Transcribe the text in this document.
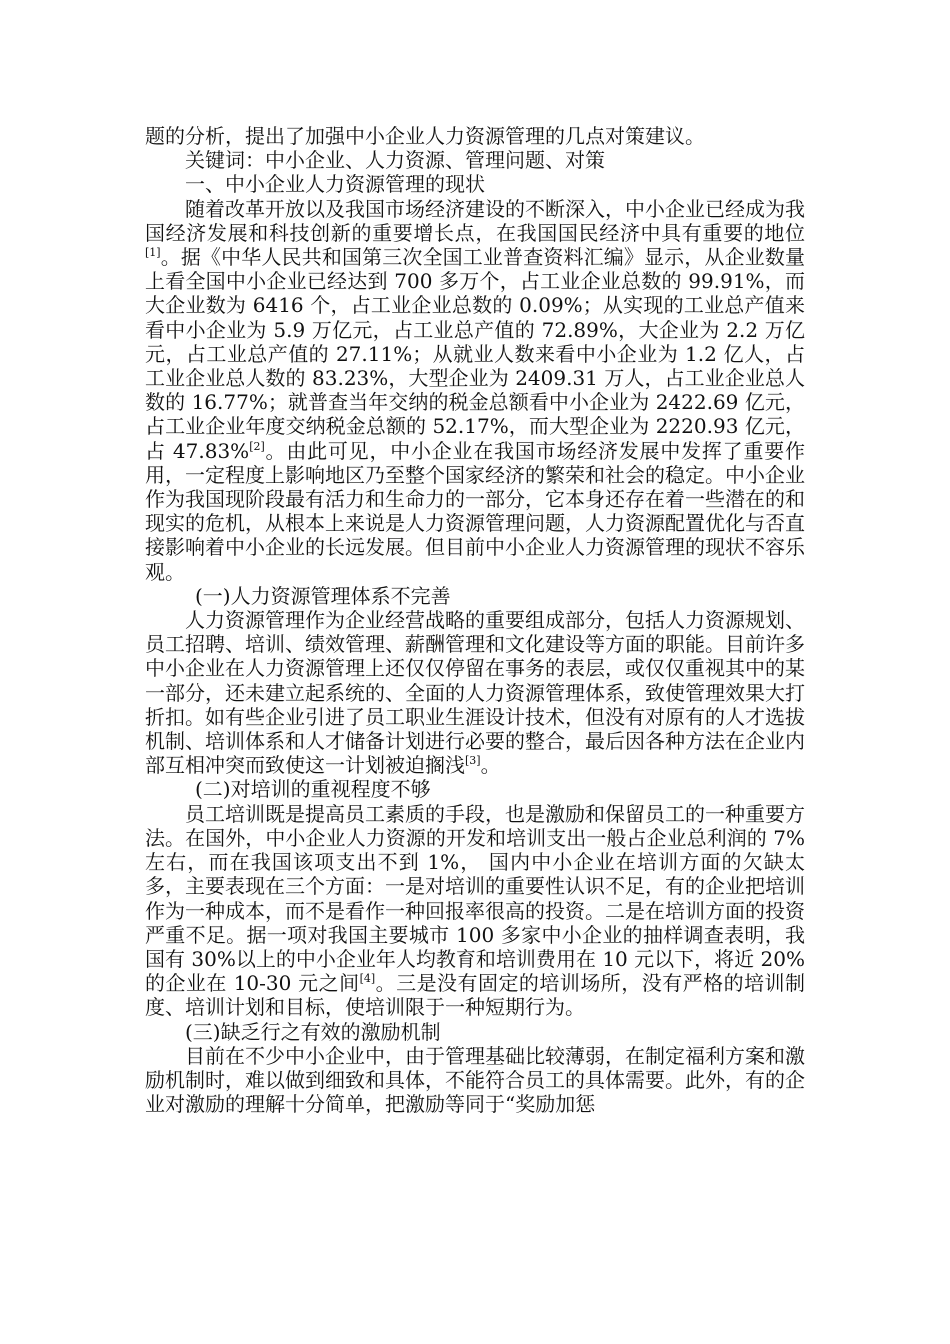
题的分析，提出了加强中小企业人力资源管理的几点对策建议。

关键词：中小企业、人力资源、管理问题、对策

一、中小企业人力资源管理的现状

随着改革开放以及我国市场经济建设的不断深入，中小企业已经成为我国经济发展和科技创新的重要增长点，在我国国民经济中具有重要的地位[1]。据《中华人民共和国第三次全国工业普查资料汇编》显示，从企业数量上看全国中小企业已经达到 700 多万个，占工业企业总数的 99.91%，而大企业数为 6416 个，占工业企业总数的 0.09%；从实现的工业总产值来看中小企业为 5.9 万亿元，占工业总产值的 72.89%，大企业为 2.2 万亿元，占工业总产值的 27.11%；从就业人数来看中小企业为 1.2 亿人，占工业企业总人数的 83.23%，大型企业为 2409.31 万人，占工业企业总人数的 16.77%；就普查当年交纳的税金总额看中小企业为 2422.69 亿元，占工业企业年度交纳税金总额的 52.17%，而大型企业为 2220.93 亿元，占 47.83%[2]。由此可见，中小企业在我国市场经济发展中发挥了重要作用，一定程度上影响地区乃至整个国家经济的繁荣和社会的稳定。中小企业作为我国现阶段最有活力和生命力的一部分，它本身还存在着一些潜在的和现实的危机，从根本上来说是人力资源管理问题，人力资源配置优化与否直接影响着中小企业的长远发展。但目前中小企业人力资源管理的现状不容乐观。

(一)人力资源管理体系不完善

人力资源管理作为企业经营战略的重要组成部分，包括人力资源规划、员工招聘、培训、绩效管理、薪酬管理和文化建设等方面的职能。目前许多中小企业在人力资源管理上还仅仅停留在事务的表层，或仅仅重视其中的某一部分，还未建立起系统的、全面的人力资源管理体系，致使管理效果大打折扣。如有些企业引进了员工职业生涯设计技术，但没有对原有的人才选拔机制、培训体系和人才储备计划进行必要的整合，最后因各种方法在企业内部互相冲突而致使这一计划被迫搁浅[3]。

(二)对培训的重视程度不够

员工培训既是提高员工素质的手段，也是激励和保留员工的一种重要方法。在国外，中小企业人力资源的开发和培训支出一般占企业总利润的 7%左右，而在我国该项支出不到 1%， 国内中小企业在培训方面的欠缺太多，主要表现在三个方面：一是对培训的重要性认识不足，有的企业把培训作为一种成本，而不是看作一种回报率很高的投资。二是在培训方面的投资严重不足。据一项对我国主要城市 100 多家中小企业的抽样调查表明，我国有 30%以上的中小企业年人均教育和培训费用在 10 元以下，将近 20%的企业在 10-30 元之间[4]。三是没有固定的培训场所，没有严格的培训制度、培训计划和目标，使培训限于一种短期行为。

(三)缺乏行之有效的激励机制

目前在不少中小企业中，由于管理基础比较薄弱，在制定福利方案和激励机制时，难以做到细致和具体，不能符合员工的具体需要。此外，有的企业对激励的理解十分简单，把激励等同于“奖励加惩
